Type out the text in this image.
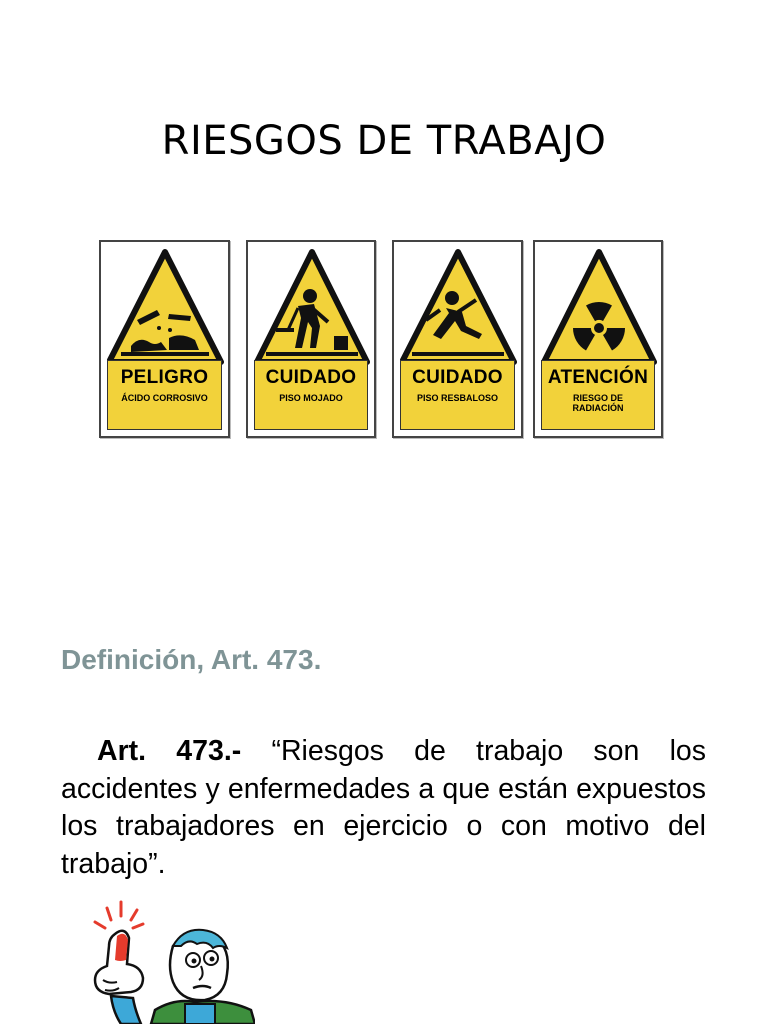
RIESGOS DE TRABAJO
PELIGRO
ÁCIDO CORROSIVO
CUIDADO
PISO MOJADO
CUIDADO
PISO RESBALOSO
ATENCIÓN
RIESGO DE RADIACIÓN
Definición, Art. 473.
Art. 473.- “Riesgos de trabajo son los accidentes y enfermedades a que están expuestos los trabajadores en ejercicio o con motivo del trabajo”.
